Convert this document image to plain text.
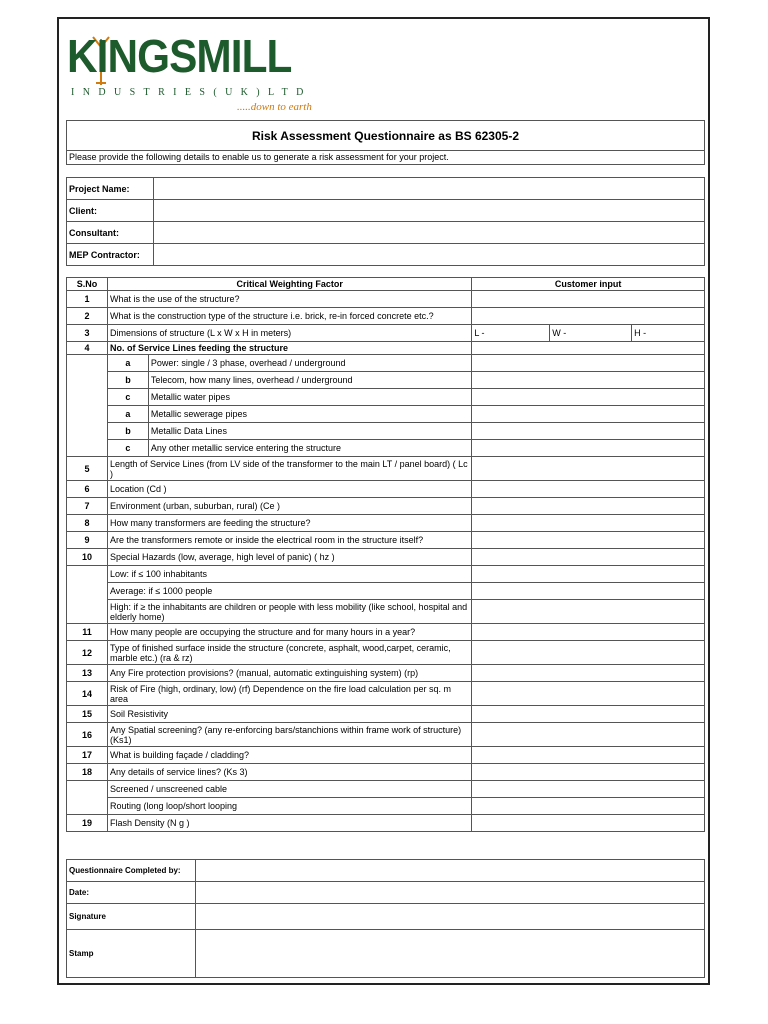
KINGSMILL
INDUSTRIES(UK)LTD
.....down to earth
Risk Assessment Questionnaire as BS 62305-2
Please provide the following details to enable us to generate a risk assessment for your project.
Project Name:	
Client:	
Consultant:	
MEP Contractor:	
S.No	Critical Weighting Factor		Customer input		
1	What is the use of the structure?				
2	What is the construction type of the structure i.e. brick, re-in forced concrete etc.?				
3	Dimensions of structure (L x W x H in meters)		L -	W -	H -
4	No. of Service Lines feeding the structure				
	a	Power: single / 3 phase, overhead / underground			
	b	Telecom, how many lines, overhead / underground			
	c	Metallic water pipes			
	a	Metallic sewerage pipes			
	b	Metallic Data Lines			
	c	Any other metallic service entering the structure			
5	Length of Service Lines (from LV side of the transformer to the main LT / panel board) ( Lc )				
6	Location (Cd )				
7	Environment (urban, suburban, rural) (Ce )				
8	How many transformers are feeding the structure?				
9	Are the transformers remote or inside the electrical room in the structure itself?				
10	Special Hazards (low, average, high level of panic) ( hz )				
	Low: if ≤ 100 inhabitants				
	Average: if ≤ 1000 people				
	High: if ≥ the inhabitants are children or people with less mobility (like school, hospital and elderly home)				
11	How many people are occupying the structure and for many hours in a year?				
12	Type of finished surface inside the structure (concrete, asphalt, wood,carpet, ceramic, marble etc.) (ra & rz)				
13	Any Fire protection provisions? (manual, automatic extinguishing system) (rp)				
14	Risk of Fire (high, ordinary, low) (rf) Dependence on the fire load calculation per sq. m area				
15	Soil Resistivity				
16	Any Spatial screening? (any re-enforcing bars/stanchions within frame work of structure) (Ks1)				
17	What is building façade / cladding?				
18	Any details of service lines? (Ks 3)				
	Screened / unscreened cable				
	Routing (long loop/short looping				
19	Flash Density (N g )				
Questionnaire Completed by:	
Date:	
Signature	
Stamp	
